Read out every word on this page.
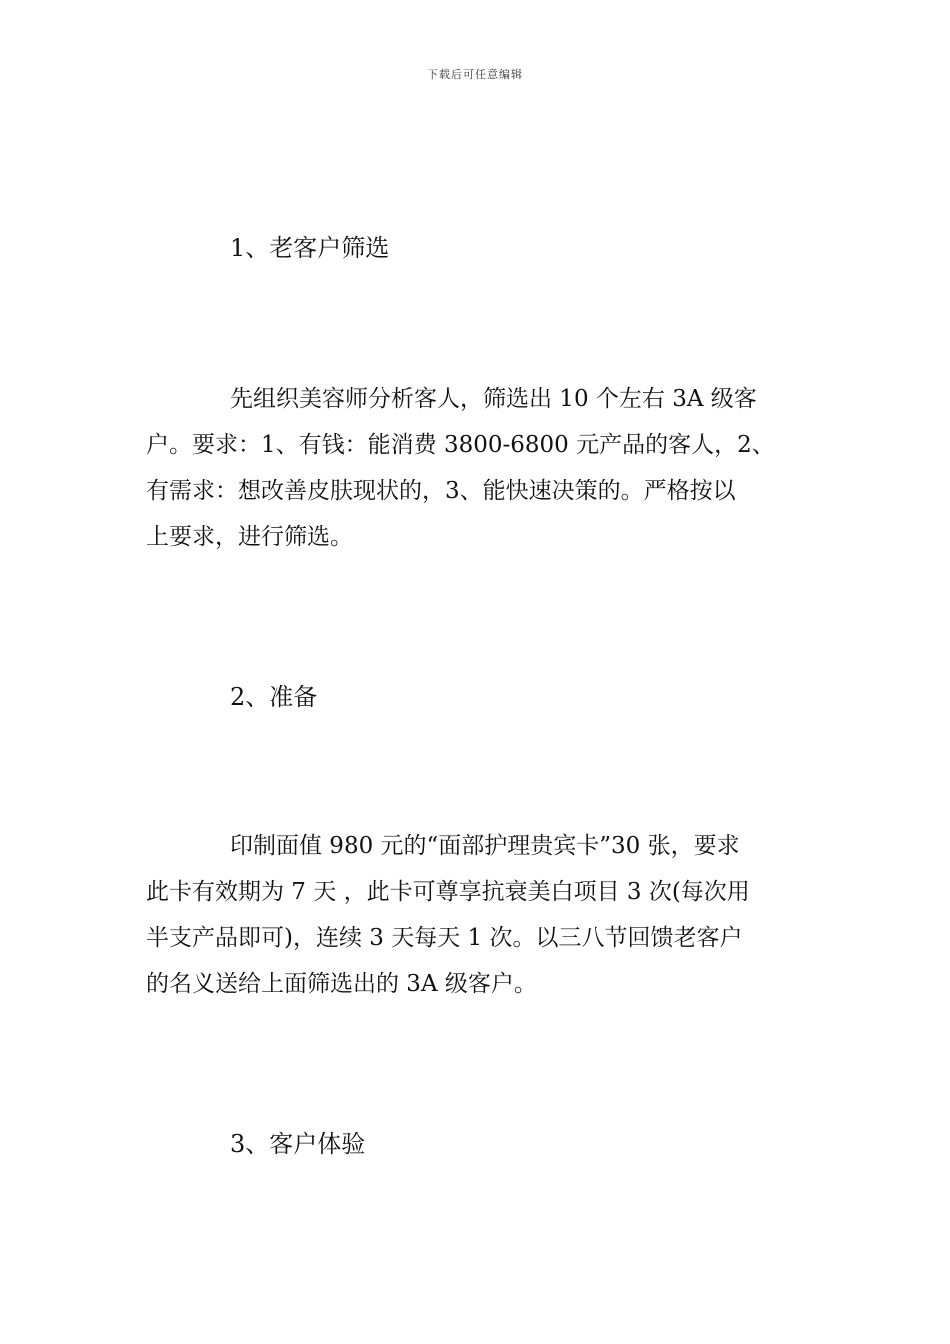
下载后可任意编辑
1、老客户筛选
先组织美容师分析客人，筛选出 10 个左右 3A 级客
户。要求：1、有钱：能消费 3800-6800 元产品的客人，2、
有需求：想改善皮肤现状的，3、能快速决策的。严格按以
上要求，进行筛选。
2、准备
印制面值 980 元的“面部护理贵宾卡”30 张，要求
此卡有效期为 7 天 ，此卡可尊享抗衰美白项目 3 次(每次用
半支产品即可)，连续 3 天每天 1 次。以三八节回馈老客户
的名义送给上面筛选出的 3A 级客户。
3、客户体验
